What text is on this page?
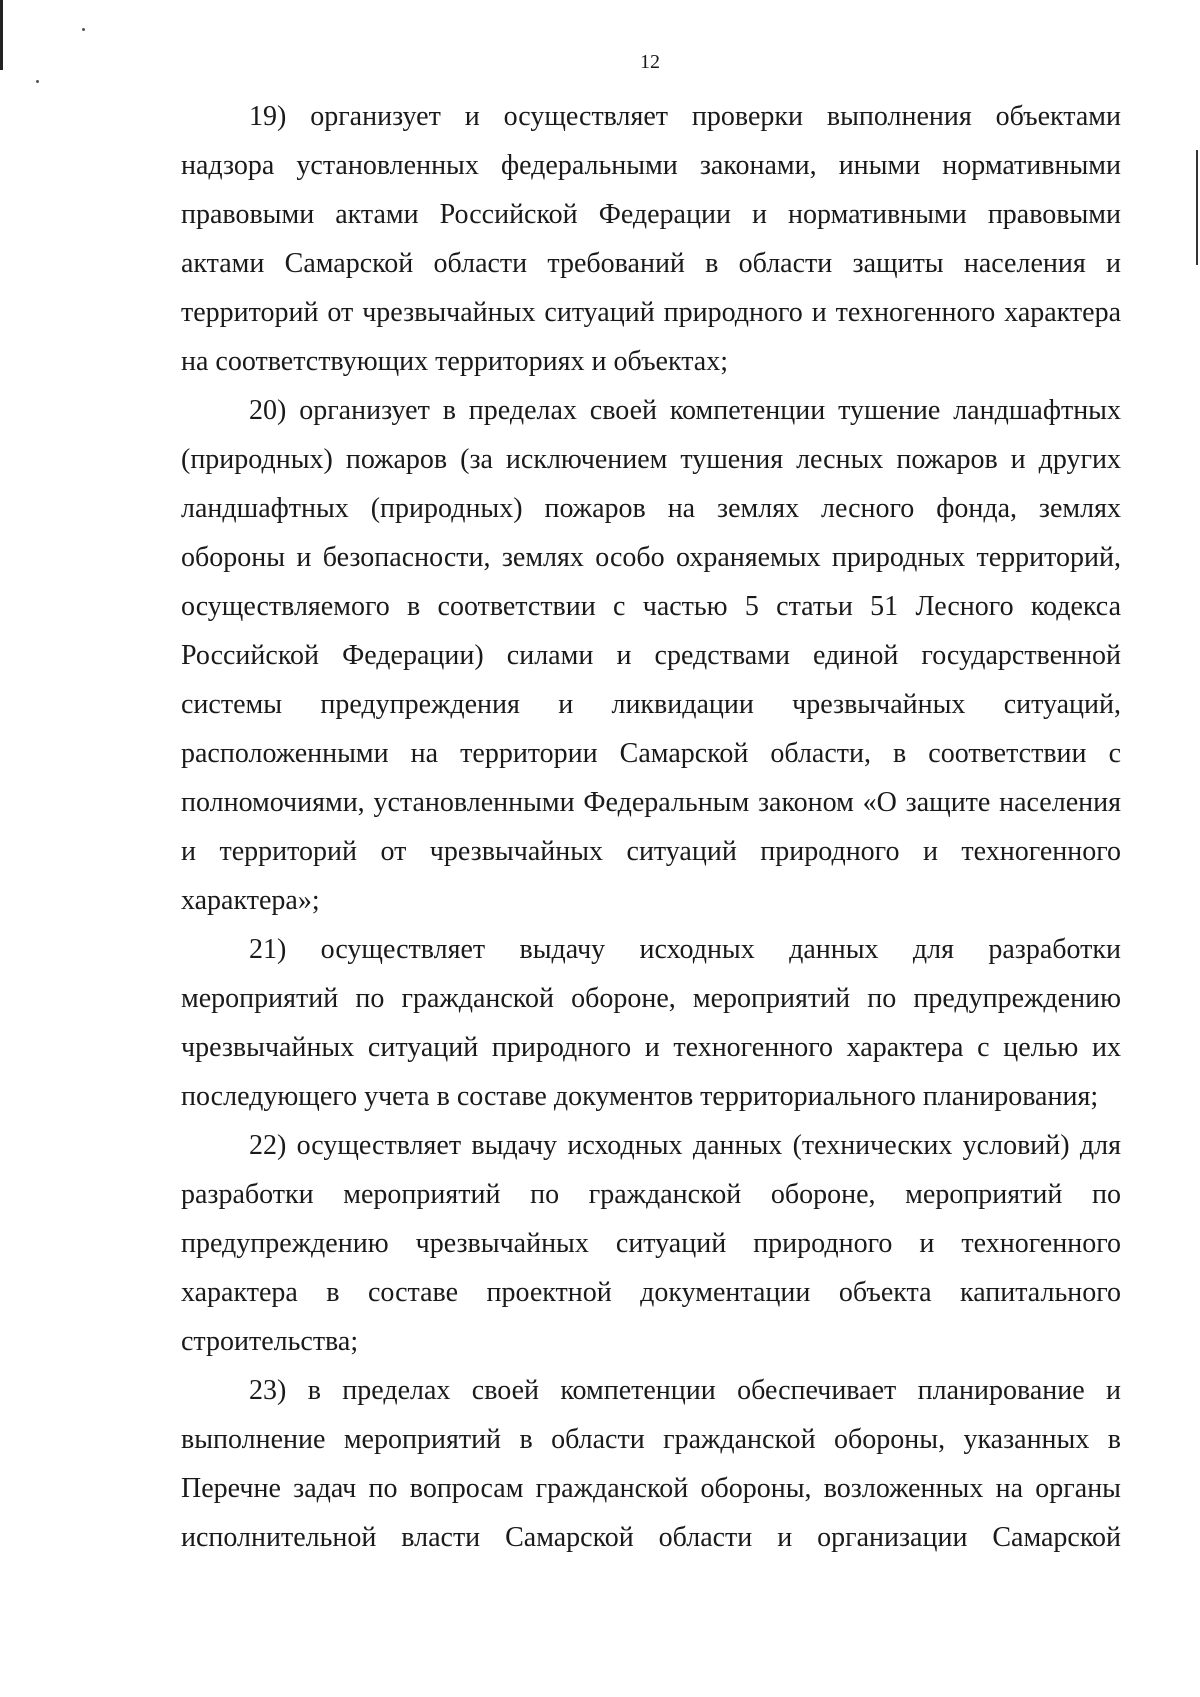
12

19) организует и осуществляет проверки выполнения объектами
надзора установленных федеральными законами, иными нормативными
правовыми актами Российской Федерации и нормативными правовыми
актами Самарской области требований в области защиты населения и
территорий от чрезвычайных ситуаций природного и техногенного характера
на соответствующих территориях и объектах;

20) организует в пределах своей компетенции тушение ландшафтных
(природных) пожаров (за исключением тушения лесных пожаров и других
ландшафтных (природных) пожаров на землях лесного фонда, землях
обороны и безопасности, землях особо охраняемых природных территорий,
осуществляемого в соответствии с частью 5 статьи 51 Лесного кодекса
Российской Федерации) силами и средствами единой государственной
системы предупреждения и ликвидации чрезвычайных ситуаций,
расположенными на территории Самарской области, в соответствии с
полномочиями, установленными Федеральным законом «О защите населения
и территорий от чрезвычайных ситуаций природного и техногенного
характера»;

21) осуществляет выдачу исходных данных для разработки
мероприятий по гражданской обороне, мероприятий по предупреждению
чрезвычайных ситуаций природного и техногенного характера с целью их
последующего учета в составе документов территориального планирования;

22) осуществляет выдачу исходных данных (технических условий) для
разработки мероприятий по гражданской обороне, мероприятий по
предупреждению чрезвычайных ситуаций природного и техногенного
характера в составе проектной документации объекта капитального
строительства;

23) в пределах своей компетенции обеспечивает планирование и
выполнение мероприятий в области гражданской обороны, указанных в
Перечне задач по вопросам гражданской обороны, возложенных на органы
исполнительной власти Самарской области и организации Самарской
